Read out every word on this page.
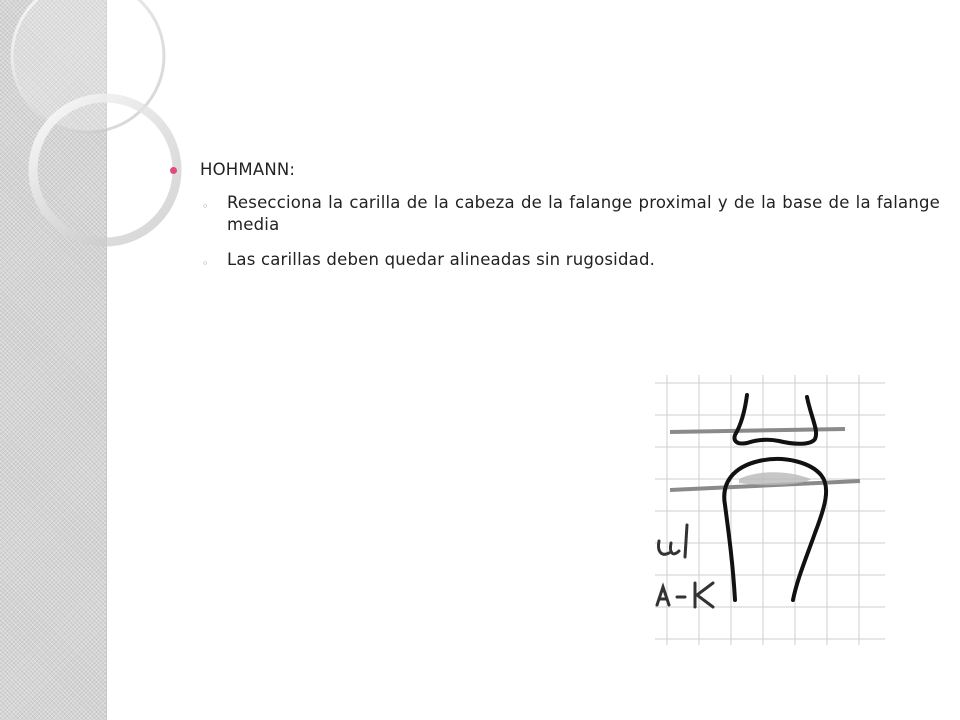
HOHMANN:
◦ Resecciona la carilla de la cabeza de la falange proximal y de la base de la falange media
◦ Las carillas deben quedar alineadas sin rugosidad.
